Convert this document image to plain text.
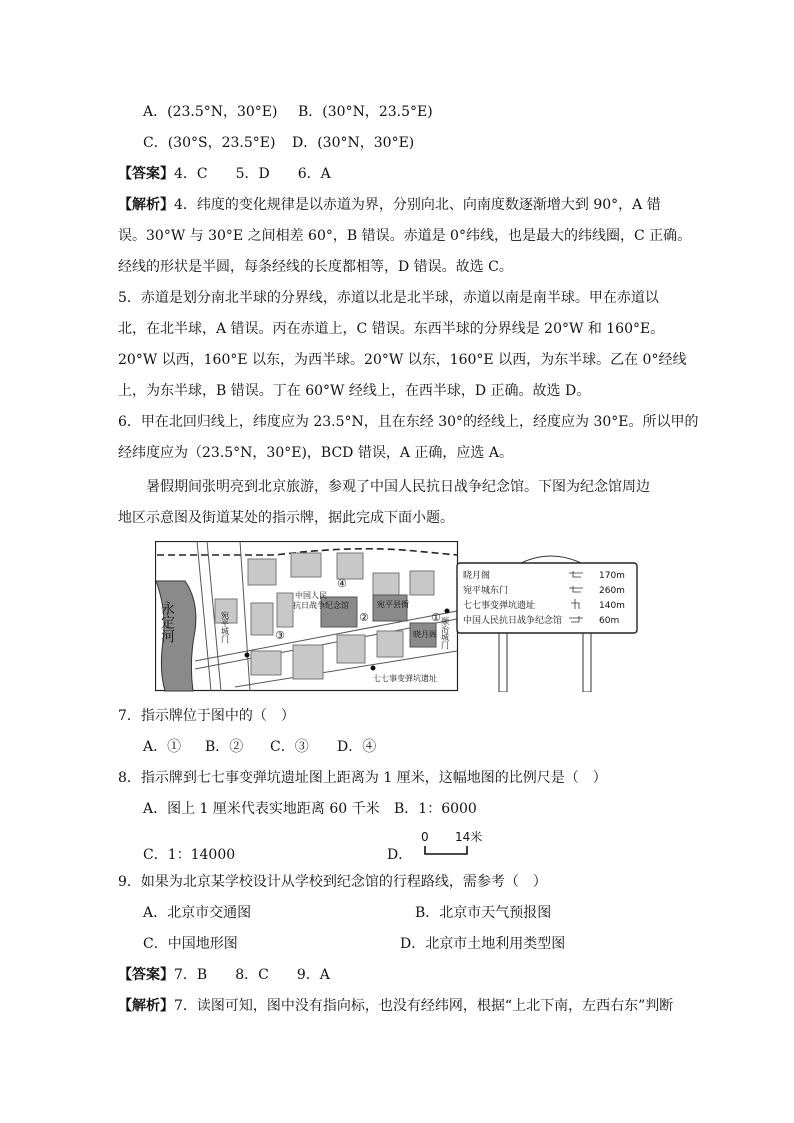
A．(23.5°N，30°E) B．(30°N，23.5°E)
C．(30°S，23.5°E) D．(30°N，30°E)
【答案】4．C　　5．D　　6．A
【解析】4．纬度的变化规律是以赤道为界，分别向北、向南度数逐渐增大到 90°，A 错
误。30°W 与 30°E 之间相差 60°，B 错误。赤道是 0°纬线，也是最大的纬线圈，C 正确。
经线的形状是半圆，每条经线的长度都相等，D 错误。故选 C。
5．赤道是划分南北半球的分界线，赤道以北是北半球，赤道以南是南半球。甲在赤道以
北，在北半球，A 错误。丙在赤道上，C 错误。东西半球的分界线是 20°W 和 160°E。
20°W 以西，160°E 以东，为西半球。20°W 以东，160°E 以西，为东半球。乙在 0°经线
上，为东半球，B 错误。丁在 60°W 经线上，在西半球，D 正确。故选 D。
6．甲在北回归线上，纬度应为 23.5°N，且在东经 30°的经线上，经度应为 30°E。所以甲的
经纬度应为（23.5°N，30°E)，BCD 错误，A 正确，应选 A。
暑假期间张明亮到北京旅游，参观了中国人民抗日战争纪念馆。下图为纪念馆周边
地区示意图及街道某处的指示牌，据此完成下面小题。
永定河
中国人民
抗日战争纪念馆	宛平县衙
晓月阁
宛平城门	顺治城门
七七事变弹坑遗址
①
②
③
④
晓月阁	170m
宛平城东门	260m
七七事变弹坑遗址	140m
中国人民抗日战争纪念馆	60m
7．指示牌位于图中的（　）
A．① B．② C．③ D．④
8．指示牌到七七事变弹坑遗址图上距离为 1 厘米，这幅地图的比例尺是（　）
A．图上 1 厘米代表实地距离 60 千米 B．1：6000
C．1：14000	D．
0 14米
9．如果为北京某学校设计从学校到纪念馆的行程路线，需参考（　）
A．北京市交通图	B．北京市天气预报图
C．中国地形图	D．北京市土地利用类型图
【答案】7．B　　8．C　　9．A
【解析】7．读图可知，图中没有指向标，也没有经纬网，根据“上北下南，左西右东”判断
